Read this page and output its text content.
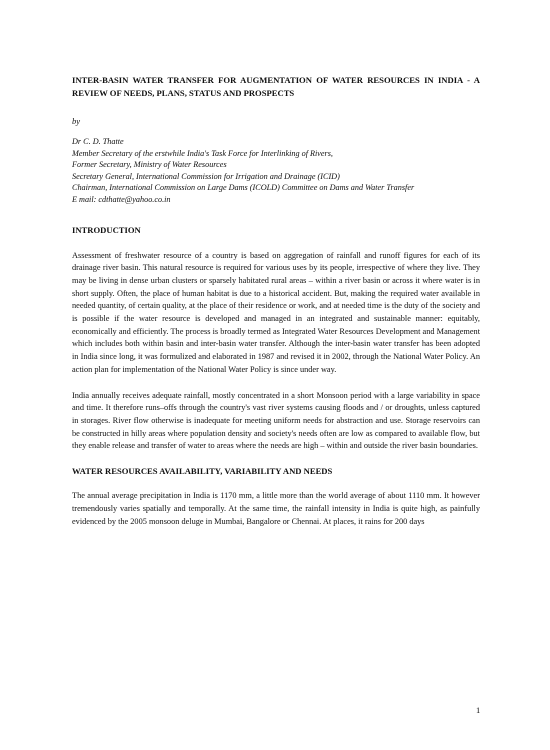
INTER-BASIN WATER TRANSFER FOR AUGMENTATION OF WATER RESOURCES IN INDIA - A REVIEW OF NEEDS, PLANS, STATUS AND PROSPECTS

by

Dr C. D. Thatte
Member Secretary of the erstwhile India's Task Force for Interlinking of Rivers,
Former Secretary, Ministry of Water Resources
Secretary General, International Commission for Irrigation and Drainage (ICID)
Chairman, International Commission on Large Dams (ICOLD) Committee on Dams and Water Transfer
E mail: cdthatte@yahoo.co.in

INTRODUCTION

Assessment of freshwater resource of a country is based on aggregation of rainfall and runoff figures for each of its drainage river basin. This natural resource is required for various uses by its people, irrespective of where they live. They may be living in dense urban clusters or sparsely habitated rural areas – within a river basin or across it where water is in short supply. Often, the place of human habitat is due to a historical accident. But, making the required water available in needed quantity, of certain quality, at the place of their residence or work, and at needed time is the duty of the society and is possible if the water resource is developed and managed in an integrated and sustainable manner: equitably, economically and efficiently. The process is broadly termed as Integrated Water Resources Development and Management which includes both within basin and inter-basin water transfer. Although the inter-basin water transfer has been adopted in India since long, it was formulized and elaborated in 1987 and revised it in 2002, through the National Water Policy. An action plan for implementation of the National Water Policy is since under way.

India annually receives adequate rainfall, mostly concentrated in a short Monsoon period with a large variability in space and time. It therefore runs–offs through the country's vast river systems causing floods and / or droughts, unless captured in storages. River flow otherwise is inadequate for meeting uniform needs for abstraction and use. Storage reservoirs can be constructed in hilly areas where population density and society's needs often are low as compared to available flow, but they enable release and transfer of water to areas where the needs are high – within and outside the river basin boundaries.

WATER RESOURCES AVAILABILITY, VARIABILITY AND NEEDS

The annual average precipitation in India is 1170 mm, a little more than the world average of about 1110 mm. It however tremendously varies spatially and temporally. At the same time, the rainfall intensity in India is quite high, as painfully evidenced by the 2005 monsoon deluge in Mumbai, Bangalore or Chennai. At places, it rains for 200 days

1
